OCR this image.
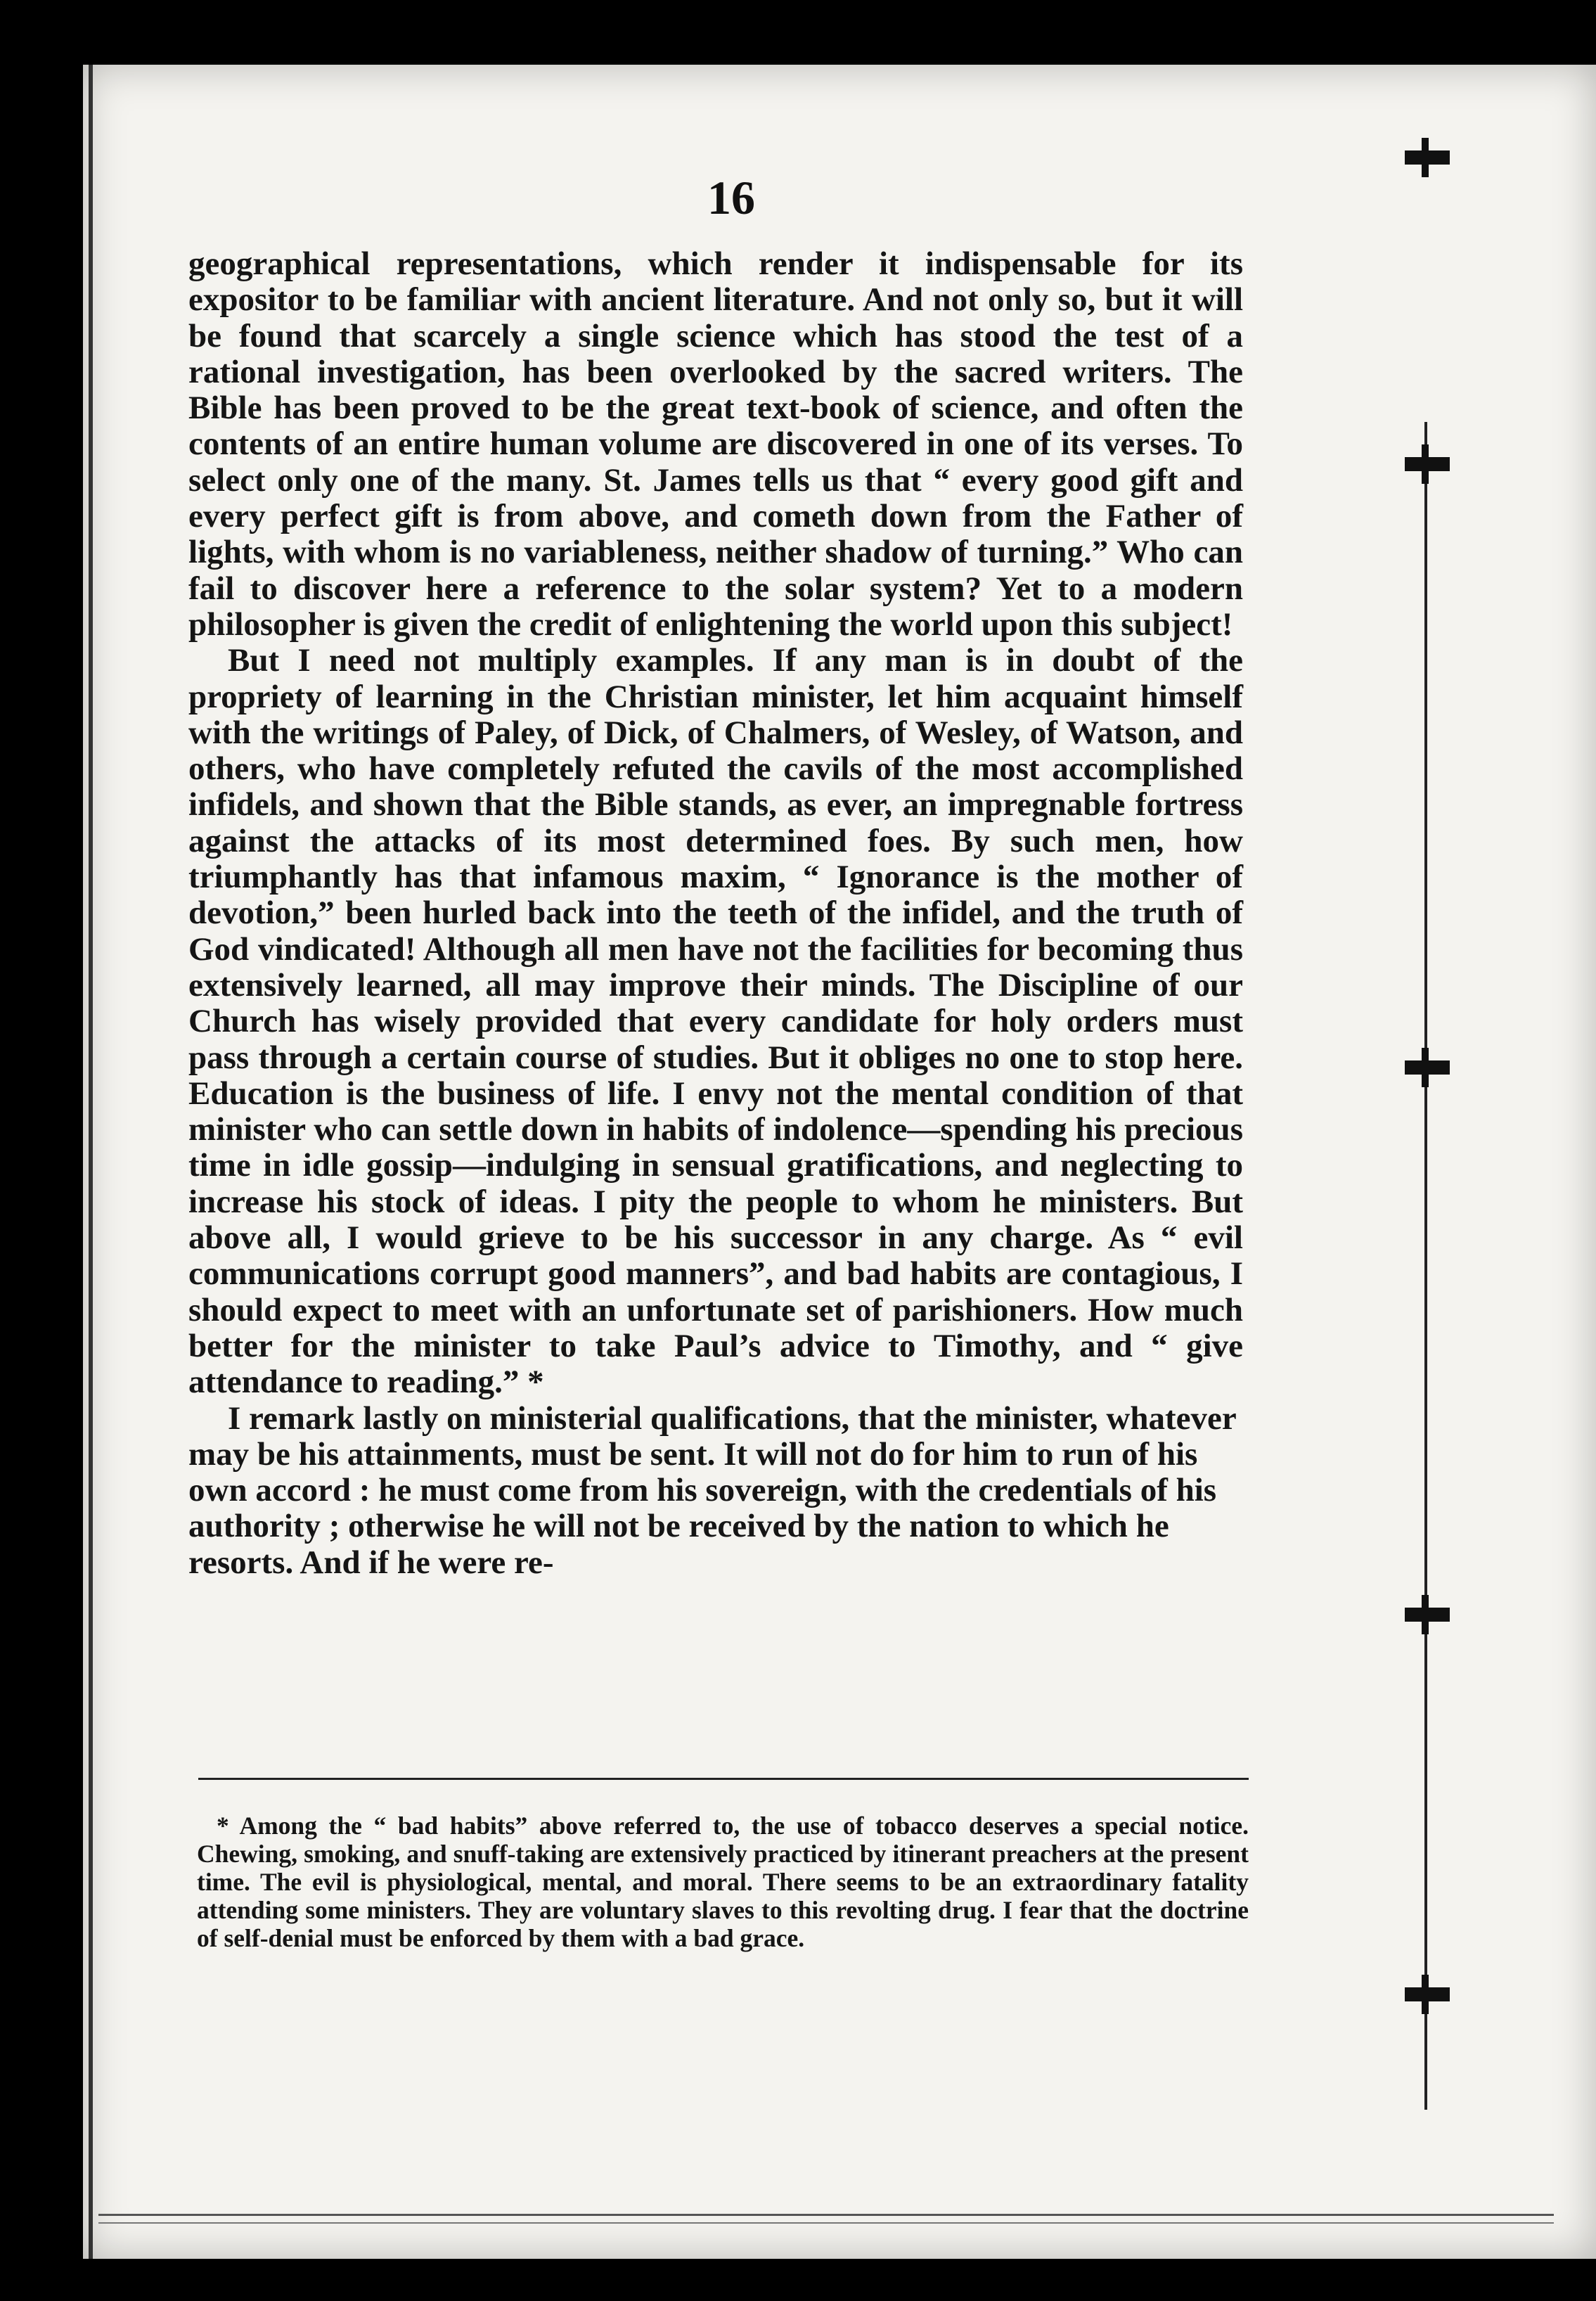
16

geographical representations, which render it indispensable for its expositor to be familiar with ancient literature. And not only so, but it will be found that scarcely a single science which has stood the test of a rational investigation, has been overlooked by the sacred writers. The Bible has been proved to be the great text-book of science, and often the contents of an entire human volume are discovered in one of its verses. To select only one of the many. St. James tells us that “ every good gift and every perfect gift is from above, and cometh down from the Father of lights, with whom is no variableness, neither shadow of turning.” Who can fail to discover here a reference to the solar system? Yet to a modern philosopher is given the credit of enlightening the world upon this subject!

But I need not multiply examples. If any man is in doubt of the propriety of learning in the Christian minister, let him acquaint himself with the writings of Paley, of Dick, of Chalmers, of Wesley, of Watson, and others, who have completely refuted the cavils of the most accomplished infidels, and shown that the Bible stands, as ever, an impregnable fortress against the attacks of its most determined foes. By such men, how triumphantly has that infamous maxim, “ Ignorance is the mother of devotion,” been hurled back into the teeth of the infidel, and the truth of God vindicated! Although all men have not the facilities for becoming thus extensively learned, all may improve their minds. The Discipline of our Church has wisely provided that every candidate for holy orders must pass through a certain course of studies. But it obliges no one to stop here. Education is the business of life. I envy not the mental condition of that minister who can settle down in habits of indolence—spending his precious time in idle gossip—indulging in sensual gratifications, and neglecting to increase his stock of ideas. I pity the people to whom he ministers. But above all, I would grieve to be his successor in any charge. As “ evil communications corrupt good manners”, and bad habits are contagious, I should expect to meet with an unfortunate set of parishioners. How much better for the minister to take Paul’s advice to Timothy, and “ give attendance to reading.” *

I remark lastly on ministerial qualifications, that the minister, whatever may be his attainments, must be sent. It will not do for him to run of his own accord : he must come from his sovereign, with the credentials of his authority ; otherwise he will not be received by the nation to which he resorts. And if he were re-

* Among the “ bad habits” above referred to, the use of tobacco deserves a special notice. Chewing, smoking, and snuff-taking are extensively practiced by itinerant preachers at the present time. The evil is physiological, mental, and moral. There seems to be an extraordinary fatality attending some ministers. They are voluntary slaves to this revolting drug. I fear that the doctrine of self-denial must be enforced by them with a bad grace.
